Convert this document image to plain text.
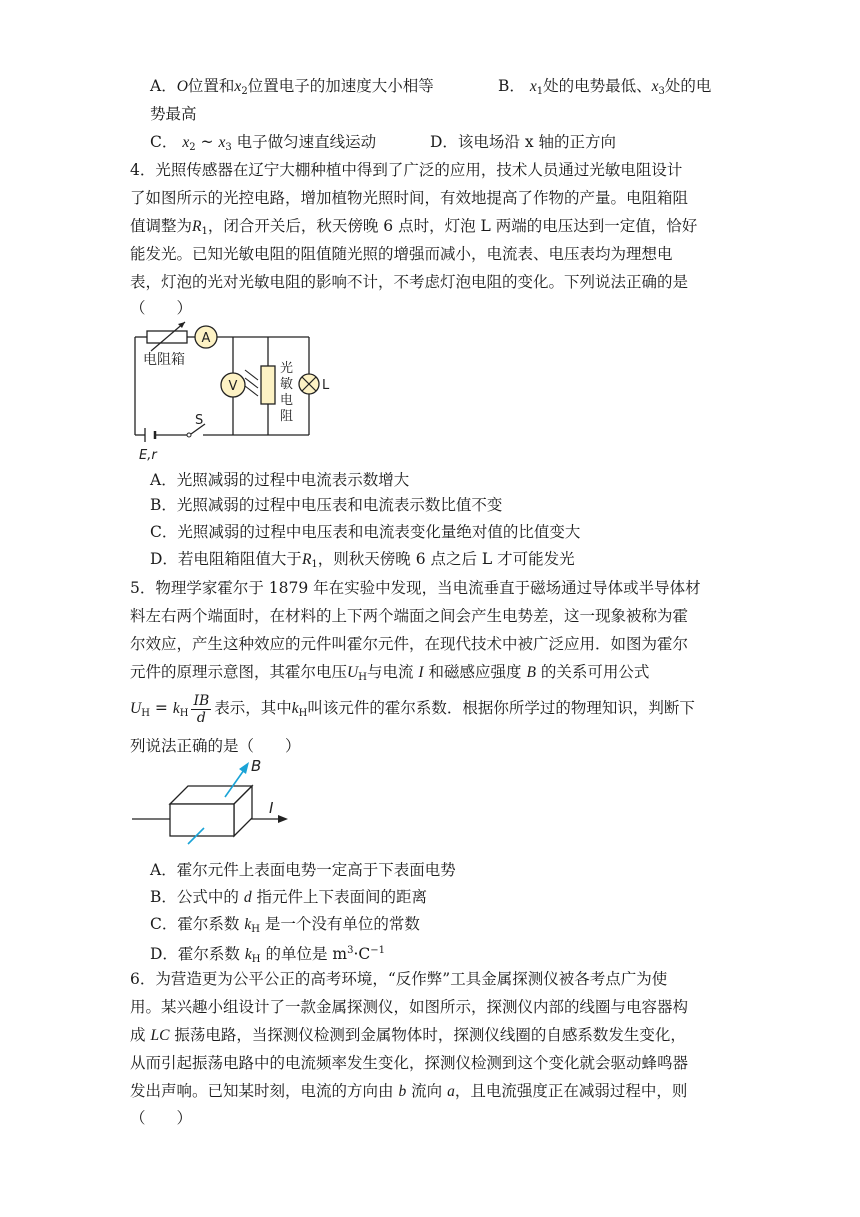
A．O位置和$x_2$位置电子的加速度大小相等	B． $x_1$处的电势最低、$x_3$处的电
势最高
C． $x_2$ ~ $x_3$ 电子做匀速直线运动	D．该电场沿 x 轴的正方向
4．光照传感器在辽宁大棚种植中得到了广泛的应用，技术人员通过光敏电阻设计
了如图所示的光控电路，增加植物光照时间，有效地提高了作物的产量。电阻箱阻
值调整为$R_1$，闭合开关后，秋天傍晚 6 点时，灯泡 L 两端的电压达到一定值，恰好
能发光。已知光敏电阻的阻值随光照的增强而减小，电流表、电压表均为理想电
表，灯泡的光对光敏电阻的影响不计，不考虑灯泡电阻的变化。下列说法正确的是
（　　）
电阻箱
A
V
光
敏
电
阻
L
E,r
S
A．光照减弱的过程中电流表示数增大
B．光照减弱的过程中电压表和电流表示数比值不变
C．光照减弱的过程中电压表和电流表变化量绝对值的比值变大
D．若电阻箱阻值大于$R_1$，则秋天傍晚 6 点之后 L 才可能发光
5．物理学家霍尔于 1879 年在实验中发现，当电流垂直于磁场通过导体或半导体材
料左右两个端面时，在材料的上下两个端面之间会产生电势差，这一现象被称为霍
尔效应，产生这种效应的元件叫霍尔元件，在现代技术中被广泛应用．如图为霍尔
元件的原理示意图，其霍尔电压$U_H$与电流 I 和磁感应强度 B 的关系可用公式
$U_H = k_H \frac{IB}{d}$ 表示，其中$k_H$叫该元件的霍尔系数．根据你所学过的物理知识，判断下
列说法正确的是（　　）
I
B
A．霍尔元件上表面电势一定高于下表面电势
B．公式中的 d 指元件上下表面间的距离
C．霍尔系数 $k_H$ 是一个没有单位的常数
D．霍尔系数 $k_H$ 的单位是 $m^3\cdot C^{-1}$
6．为营造更为公平公正的高考环境，“反作弊”工具金属探测仪被各考点广为使
用。某兴趣小组设计了一款金属探测仪，如图所示，探测仪内部的线圈与电容器构
成 LC 振荡电路，当探测仪检测到金属物体时，探测仪线圈的自感系数发生变化，
从而引起振荡电路中的电流频率发生变化，探测仪检测到这个变化就会驱动蜂鸣器
发出声响。已知某时刻，电流的方向由 b 流向 a，且电流强度正在减弱过程中，则
（　　）
